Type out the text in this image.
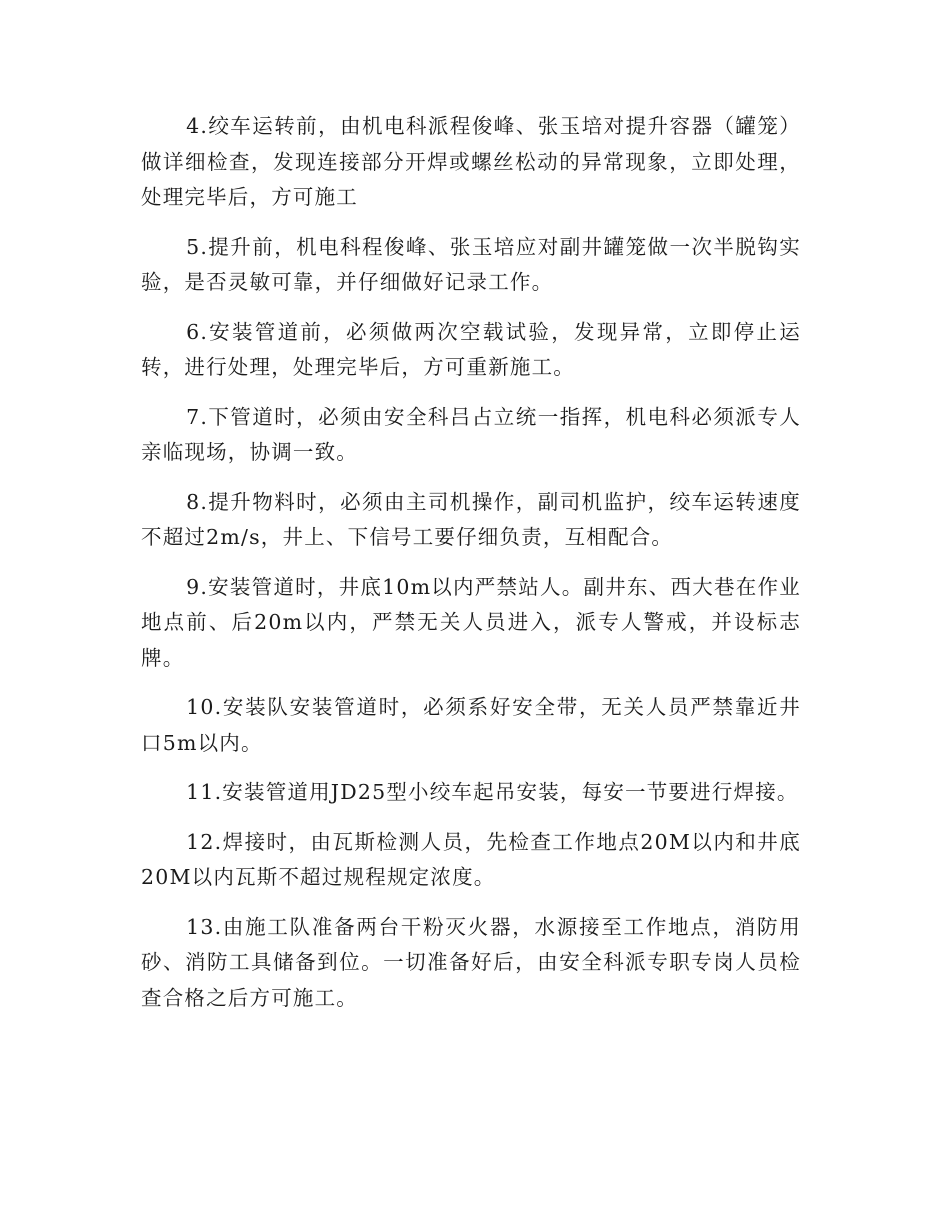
4.绞车运转前，由机电科派程俊峰、张玉培对提升容器（罐笼）做详细检查，发现连接部分开焊或螺丝松动的异常现象，立即处理，处理完毕后，方可施工

5.提升前，机电科程俊峰、张玉培应对副井罐笼做一次半脱钩实验，是否灵敏可靠，并仔细做好记录工作。

6.安装管道前，必须做两次空载试验，发现异常，立即停止运转，进行处理，处理完毕后，方可重新施工。

7.下管道时，必须由安全科吕占立统一指挥，机电科必须派专人亲临现场，协调一致。

8.提升物料时，必须由主司机操作，副司机监护，绞车运转速度不超过2m/s，井上、下信号工要仔细负责，互相配合。

9.安装管道时，井底10m以内严禁站人。副井东、西大巷在作业地点前、后20m以内，严禁无关人员进入，派专人警戒，并设标志牌。

10.安装队安装管道时，必须系好安全带，无关人员严禁靠近井口5m以内。

11.安装管道用JD25型小绞车起吊安装，每安一节要进行焊接。

12.焊接时，由瓦斯检测人员，先检查工作地点20M以内和井底20M以内瓦斯不超过规程规定浓度。

13.由施工队准备两台干粉灭火器，水源接至工作地点，消防用砂、消防工具储备到位。一切准备好后，由安全科派专职专岗人员检查合格之后方可施工。
